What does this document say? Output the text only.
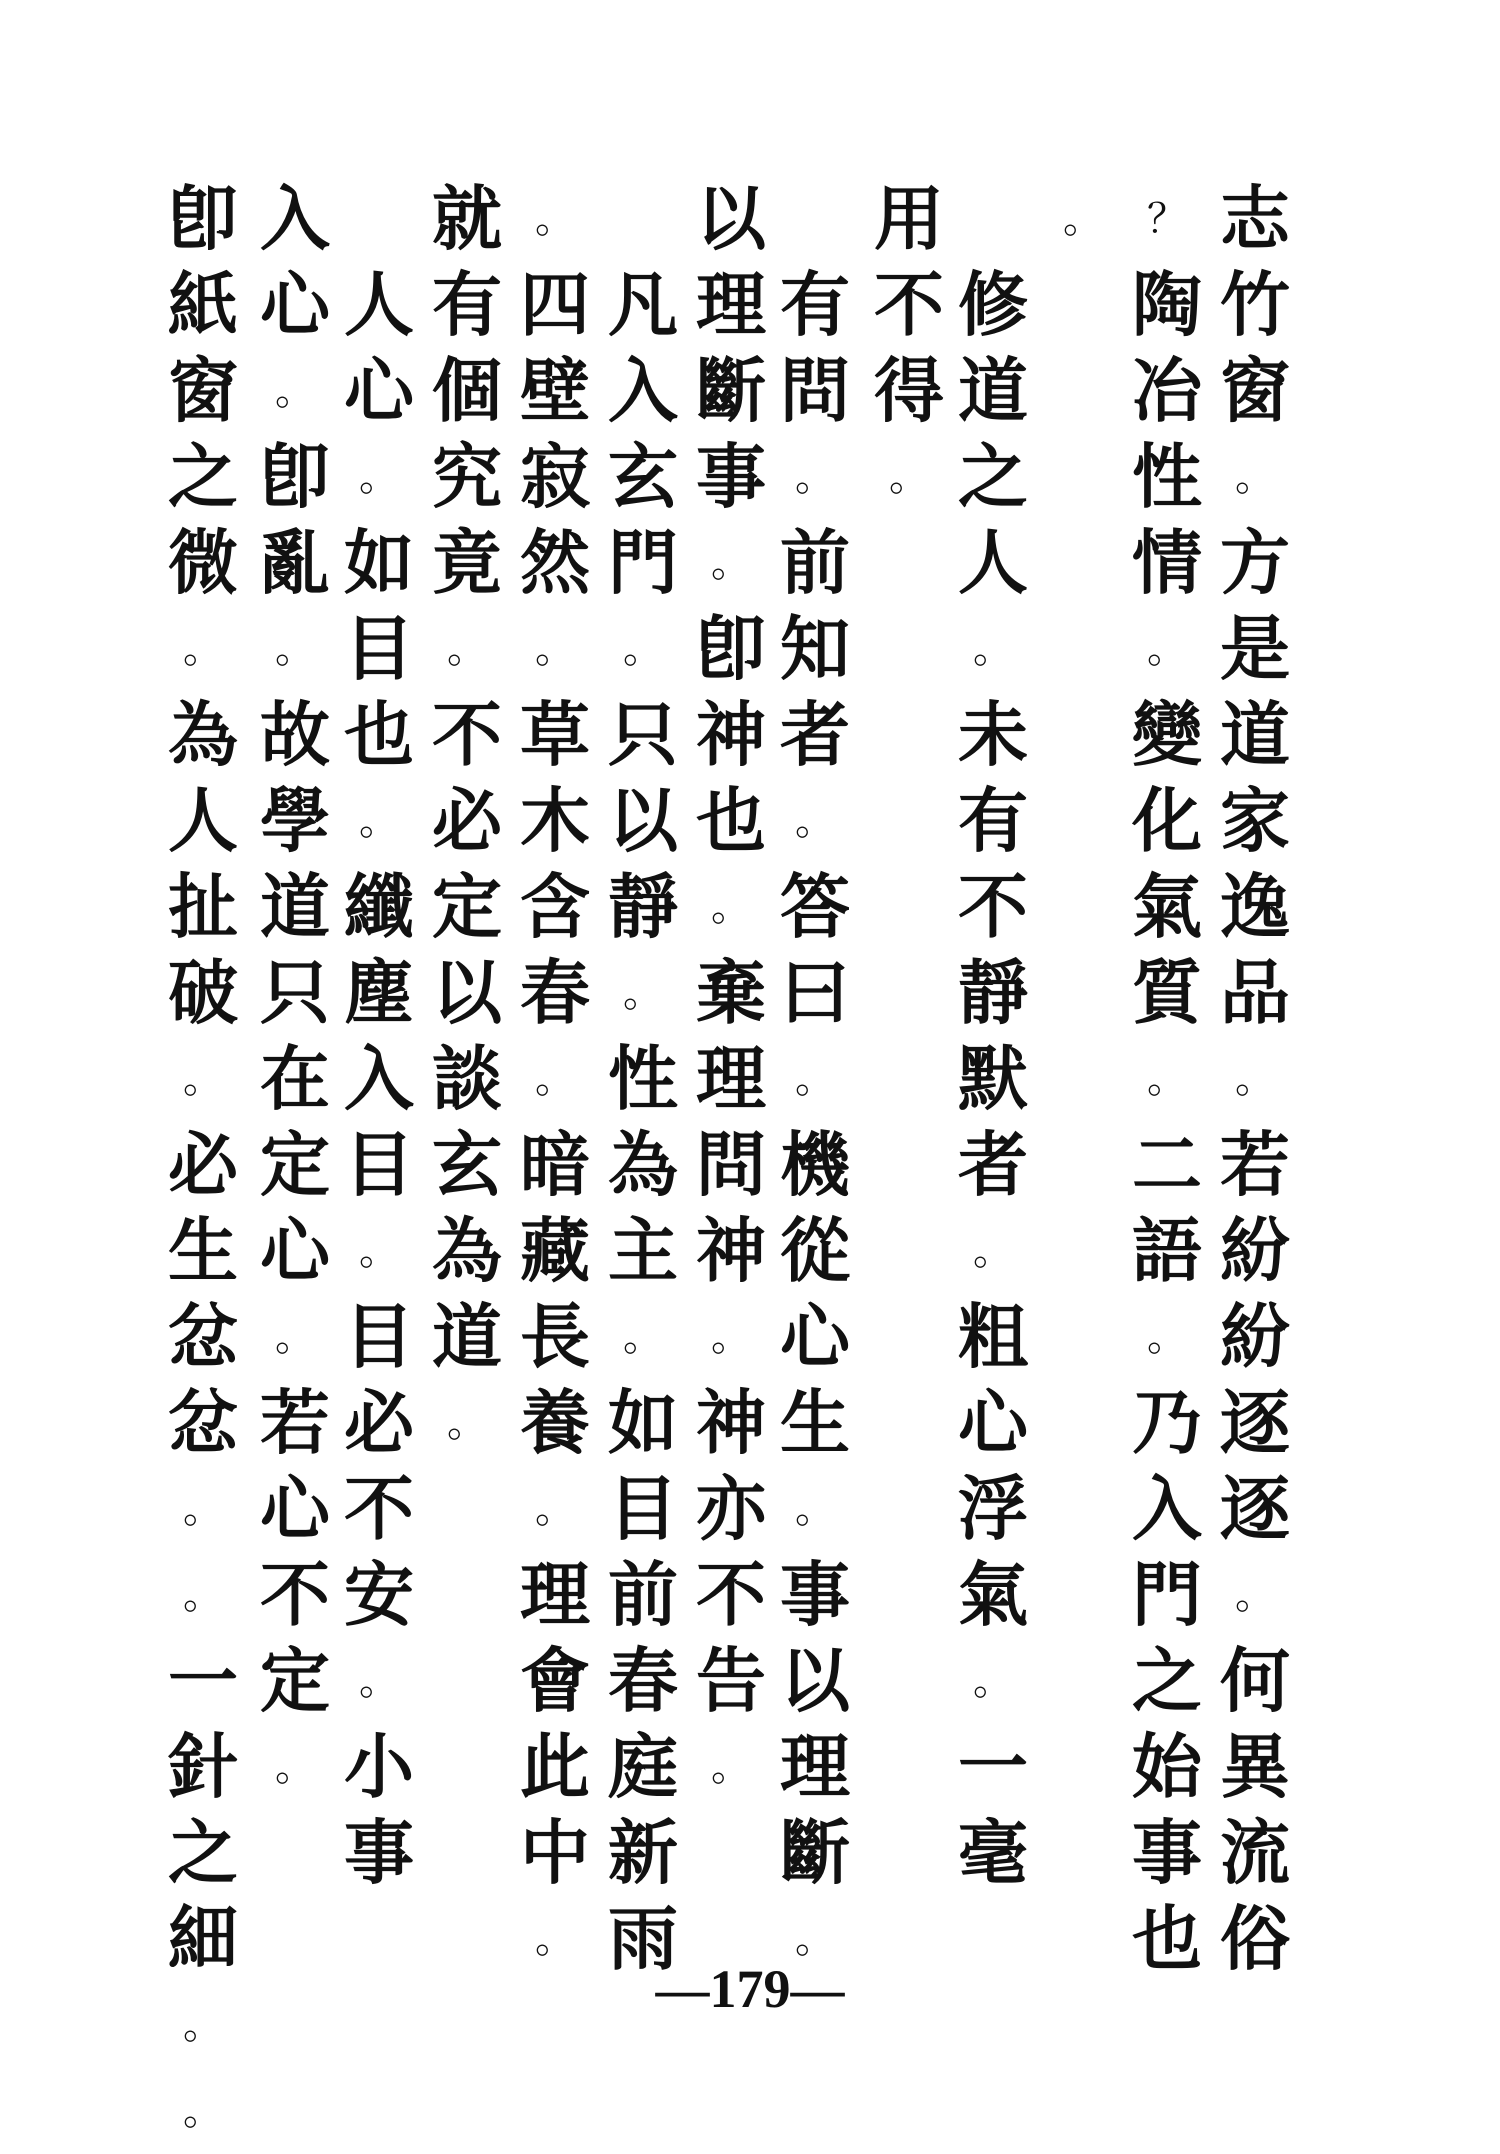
志
竹
窗
。
方
是
道
家
逸
品
。
若
紛
紛
逐
逐
。
何
異
流
俗
？
陶
冶
性
情
。
變
化
氣
質
。
二
語
。
乃
入
門
之
始
事
也
。
修
道
之
人
。
未
有
不
靜
默
者
。
粗
心
浮
氣
。
一
毫
用
不
得
。
有
問
。
前
知
者
。
答
曰
。
機
從
心
生
。
事
以
理
斷
。
以
理
斷
事
。
卽
神
也
。
棄
理
問
神
。
神
亦
不
告
。
凡
入
玄
門
。
只
以
靜
。
性
為
主
。
如
目
前
春
庭
新
雨
。
四
壁
寂
然
。
草
木
含
春
。
暗
藏
長
養
。
理
會
此
中
。
就
有
個
究
竟
。
不
必
定
以
談
玄
為
道
。
人
心
。
如
目
也
。
纖
塵
入
目
。
目
必
不
安
。
小
事
入
心
。
卽
亂
。
故
學
道
只
在
定
心
。
若
心
不
定
。
卽
紙
窗
之
微
。
為
人
扯
破
。
必
生
忿
忿
。
。
一
針
之
細
。
。
—179—
